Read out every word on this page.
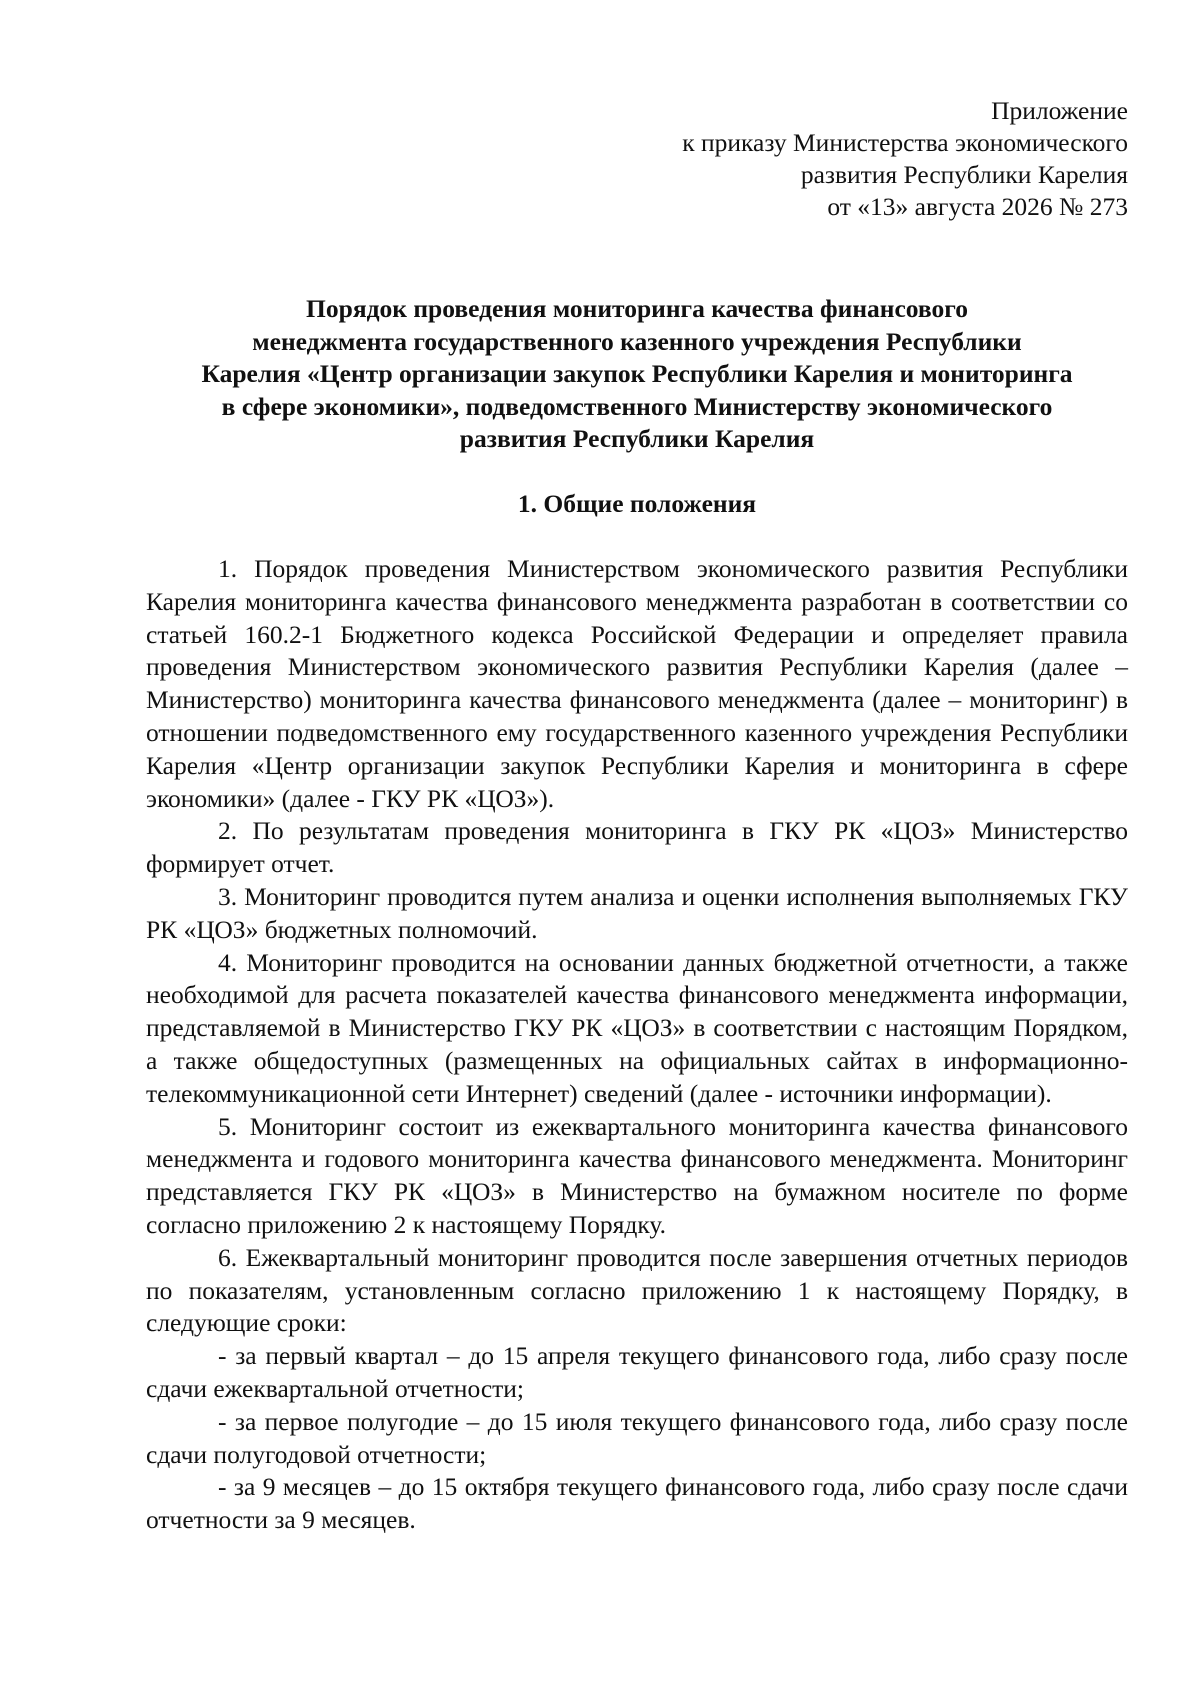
Приложение
к приказу Министерства экономического
развития Республики Карелия
от «13» августа 2026 № 273
Порядок проведения мониторинга качества финансового
менеджмента государственного казенного учреждения Республики
Карелия «Центр организации закупок Республики Карелия и мониторинга
в сфере экономики», подведомственного Министерству экономического
развития Республики Карелия
1. Общие положения

1. Порядок проведения Министерством экономического развития Республики Карелия мониторинга качества финансового менеджмента разработан в соответствии со статьей 160.2-1 Бюджетного кодекса Российской Федерации и определяет правила проведения Министерством экономического развития Республики Карелия (далее – Министерство) мониторинга качества финансового менеджмента (далее – мониторинг) в отношении подведомственного ему государственного казенного учреждения Республики Карелия «Центр организации закупок Республики Карелия и мониторинга в сфере экономики» (далее - ГКУ РК «ЦОЗ»).

2. По результатам проведения мониторинга в ГКУ РК «ЦОЗ» Министерство формирует отчет.

3. Мониторинг проводится путем анализа и оценки исполнения выполняемых ГКУ РК «ЦОЗ» бюджетных полномочий.

4. Мониторинг проводится на основании данных бюджетной отчетности, а также необходимой для расчета показателей качества финансового менеджмента информации, представляемой в Министерство ГКУ РК «ЦОЗ» в соответствии с настоящим Порядком, а также общедоступных (размещенных на официальных сайтах в информационно-телекоммуникационной сети Интернет) сведений (далее - источники информации).

5. Мониторинг состоит из ежеквартального мониторинга качества финансового менеджмента и годового мониторинга качества финансового менеджмента. Мониторинг представляется ГКУ РК «ЦОЗ» в Министерство на бумажном носителе по форме согласно приложению 2 к настоящему Порядку.

6. Ежеквартальный мониторинг проводится после завершения отчетных периодов по показателям, установленным согласно приложению 1 к настоящему Порядку, в следующие сроки:

- за первый квартал – до 15 апреля текущего финансового года, либо сразу после сдачи ежеквартальной отчетности;

- за первое полугодие – до 15 июля текущего финансового года, либо сразу после сдачи полугодовой отчетности;

- за 9 месяцев – до 15 октября текущего финансового года, либо сразу после сдачи отчетности за 9 месяцев.
